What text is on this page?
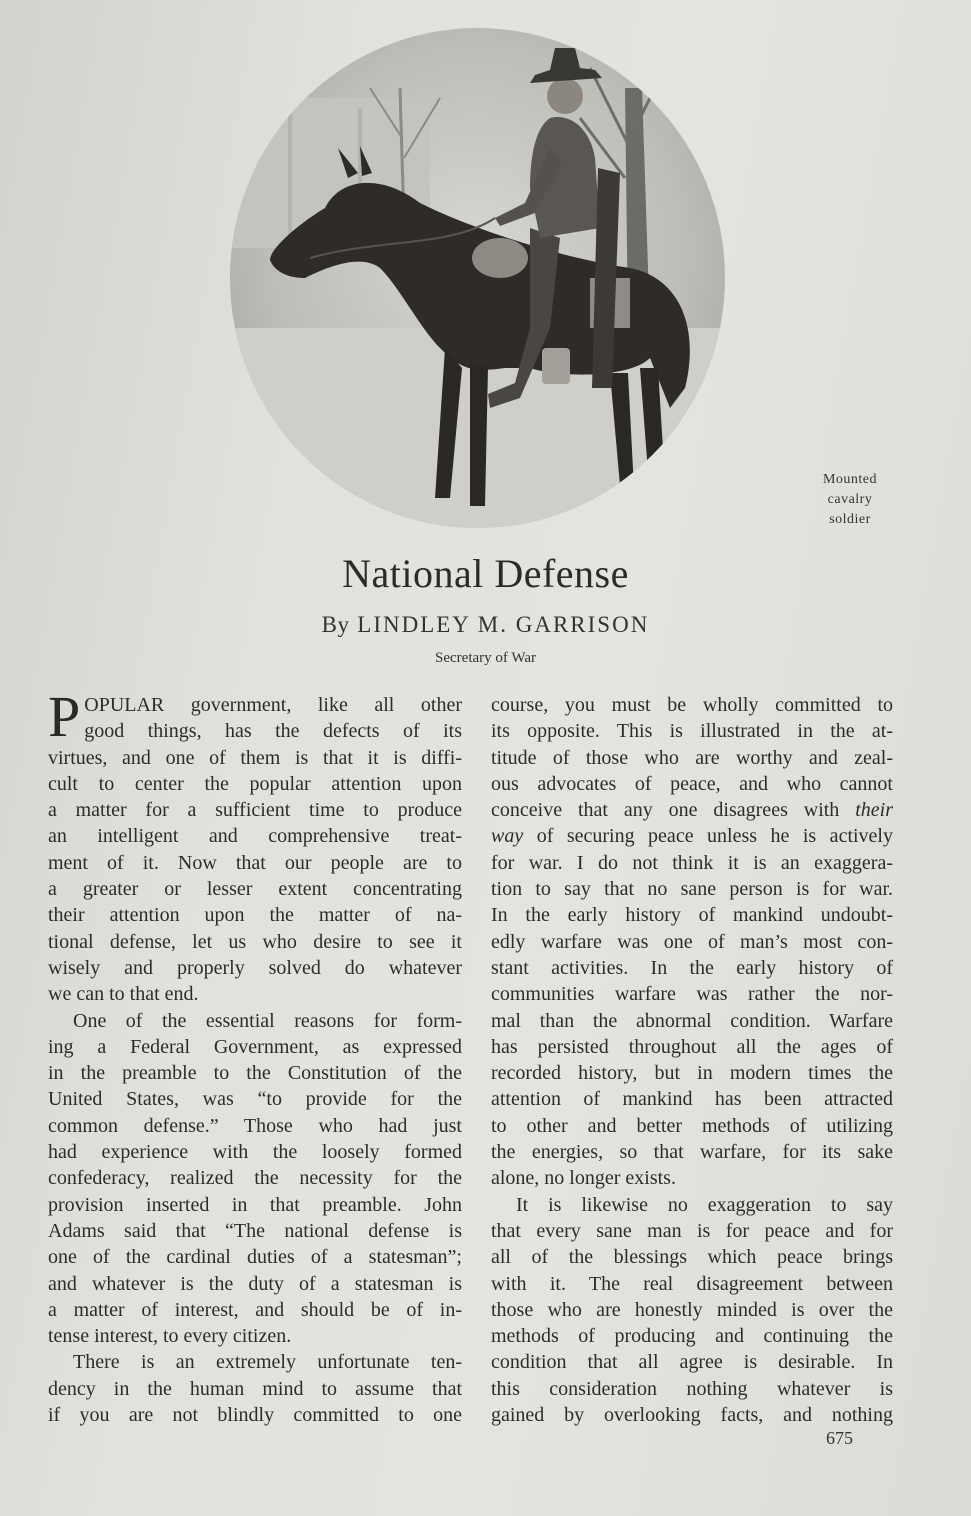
Mounted
cavalry
soldier
National Defense
By LINDLEY M. GARRISON
Secretary of War

P OPULAR government, like all other
good things, has the defects of its
virtues, and one of them is that it is diffi-
cult to center the popular attention upon
a matter for a sufficient time to produce
an intelligent and comprehensive treat-
ment of it. Now that our people are to
a greater or lesser extent concentrating
their attention upon the matter of na-
tional defense, let us who desire to see it
wisely and properly solved do whatever
we can to that end.

One of the essential reasons for form-
ing a Federal Government, as expressed
in the preamble to the Constitution of the
United States, was “to provide for the
common defense.” Those who had just
had experience with the loosely formed
confederacy, realized the necessity for the
provision inserted in that preamble. John
Adams said that “The national defense is
one of the cardinal duties of a statesman”;
and whatever is the duty of a statesman is
a matter of interest, and should be of in-
tense interest, to every citizen.

There is an extremely unfortunate ten-
dency in the human mind to assume that
if you are not blindly committed to one

course, you must be wholly committed to
its opposite. This is illustrated in the at-
titude of those who are worthy and zeal-
ous advocates of peace, and who cannot
conceive that any one disagrees with their
way of securing peace unless he is actively
for war. I do not think it is an exaggera-
tion to say that no sane person is for war.
In the early history of mankind undoubt-
edly warfare was one of man’s most con-
stant activities. In the early history of
communities warfare was rather the nor-
mal than the abnormal condition. Warfare
has persisted throughout all the ages of
recorded history, but in modern times the
attention of mankind has been attracted
to other and better methods of utilizing
the energies, so that warfare, for its sake
alone, no longer exists.

It is likewise no exaggeration to say
that every sane man is for peace and for
all of the blessings which peace brings
with it. The real disagreement between
those who are honestly minded is over the
methods of producing and continuing the
condition that all agree is desirable. In
this consideration nothing whatever is
gained by overlooking facts, and nothing

675
